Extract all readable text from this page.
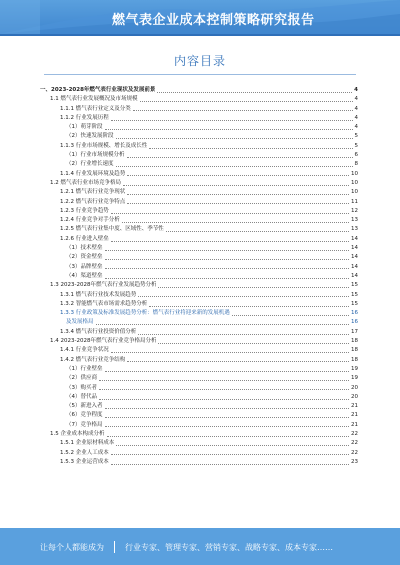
燃气表企业成本控制策略研究报告
内容目录
一、2023-2028年燃气表行业现状及发展前景	4
1.1 燃气表行业发展概况及市场规模	4
1.1.1 燃气表行业定义及分类	4
1.1.2 行业发展历程	4
（1）萌芽阶段	4
（2）快速发展阶段	5
1.1.3 行业市场规模、增长及成长性	5
（1）行业市场规模分析	6
（2）行业增长速度	8
1.1.4 行业发展环境及趋势	10
1.2 燃气表行业市场竞争格局	10
1.2.1 燃气表行业竞争现状	10
1.2.2 燃气表行业竞争特点	11
1.2.3 行业竞争趋势	12
1.2.4 行业竞争对手分析	13
1.2.5 燃气表行业集中度、区域性、季节性	13
1.2.6 行业进入壁垒	14
（1）技术壁垒	14
（2）资金壁垒	14
（3）品牌壁垒	14
（4）渠道壁垒	14
1.3 2023-2028年燃气表行业发展趋势分析	15
1.3.1 燃气表行业技术发展趋势	15
1.3.2 智能燃气表市场需求趋势分析	15
1.3.3 行业政策及标准发展趋势分析：燃气表行业将迎来新的发展机遇	16
及发展格局	16
1.3.4 燃气表行业投资价值分析	17
1.4 2023-2028年燃气表行业竞争格局分析	18
1.4.1 行业竞争状况	18
1.4.2 燃气表行业竞争结构	18
（1）行业壁垒	19
（2）供应商	19
（3）购买者	20
（4）替代品	20
（5）新进入者	21
（6）竞争程度	21
（7）竞争格局	21
1.5 企业成本构成分析	22
1.5.1 企业原材料成本	22
1.5.2 企业人工成本	22
1.5.3 企业运营成本	23
让每个人都能成为	行业专家、管理专家、营销专家、战略专家、成本专家……
